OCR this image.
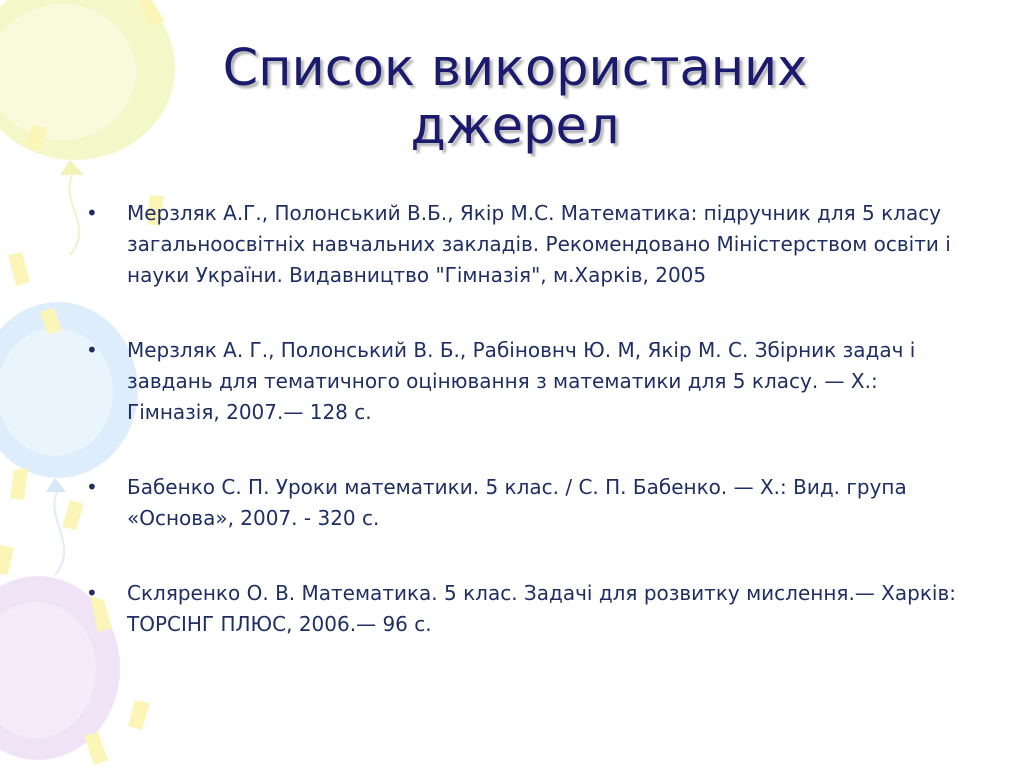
Список використаних джерел
•	Мерзляк А.Г., Полонський В.Б., Якір М.С. Математика: підручник для 5 класу загальноосвітніх навчальних закладів. Рекомендовано Міністерством освіти і науки України. Видавництво "Гімназія", м.Харків, 2005
•	Мерзляк А. Г., Полонський В. Б., Рабіновнч Ю. М, Якір М. С. Збірник задач і завдань для тематичного оцінювання з математики для 5 класу. — X.: Гімназія, 2007.— 128 с.
•	Бабенко С. П. Уроки математики. 5 клас. / С. П. Бабенко. — X.: Вид. група «Основа», 2007. - 320 с.
•	Скляренко О. В. Математика. 5 клас. Задачі для розвитку мислення.— Харків: ТОРСІНГ ПЛЮС, 2006.— 96 с.
